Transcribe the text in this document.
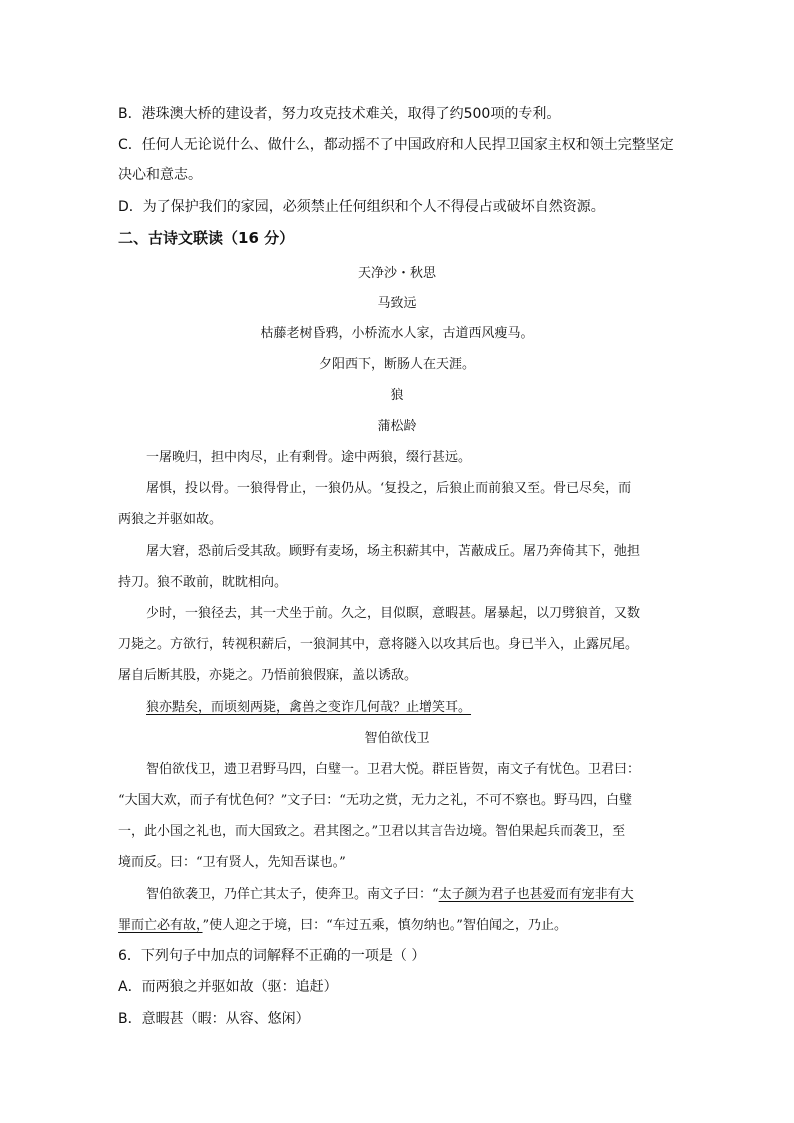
B．港珠澳大桥的建设者，努力攻克技术难关，取得了约500项的专利。
C．任何人无论说什么、做什么，都动摇不了中国政府和人民捍卫国家主权和领土完整坚定
决心和意志。
D．为了保护我们的家园，必须禁止任何组织和个人不得侵占或破坏自然资源。
二、古诗文联读（16 分）
天净沙・秋思
马致远
枯藤老树昏鸦，小桥流水人家，古道西风瘦马。
夕阳西下，断肠人在天涯。
狼
蒲松龄
一屠晚归，担中肉尽，止有剩骨。途中两狼，缀行甚远。
屠惧，投以骨。一狼得骨止，一狼仍从。‘复投之，后狼止而前狼又至。骨已尽矣，而
两狼之并驱如故。
屠大窘，恐前后受其敌。顾野有麦场，场主积薪其中，苫蔽成丘。屠乃奔倚其下，弛担
持刀。狼不敢前，眈眈相向。
少时，一狼径去，其一犬坐于前。久之，目似瞑，意暇甚。屠暴起，以刀劈狼首，又数
刀毙之。方欲行，转视积薪后，一狼洞其中，意将隧入以攻其后也。身已半入，止露尻尾。
屠自后断其股，亦毙之。乃悟前狼假寐，盖以诱敌。
狼亦黠矣，而顷刻两毙，禽兽之变诈几何哉？止增笑耳。
智伯欲伐卫
智伯欲伐卫，遗卫君野马四，白璧一。卫君大悦。群臣皆贺，南文子有忧色。卫君曰：
“大国大欢，而子有忧色何？”文子曰：“无功之赏，无力之礼，不可不察也。野马四，白璧
一，此小国之礼也，而大国致之。君其图之。”卫君以其言告边境。智伯果起兵而袭卫，至
境而反。曰：“卫有贤人，先知吾谋也。”
智伯欲袭卫，乃佯亡其太子，使奔卫。南文子曰：“太子颜为君子也甚爱而有宠非有大
罪而亡必有故，”使人迎之于境，曰：“车过五乘，慎勿纳也。”智伯闻之，乃止。
6．下列句子中加点的词解释不正确的一项是（ ）
A．而两狼之并驱如故（驱：追赶）
B．意暇甚（暇：从容、悠闲）
